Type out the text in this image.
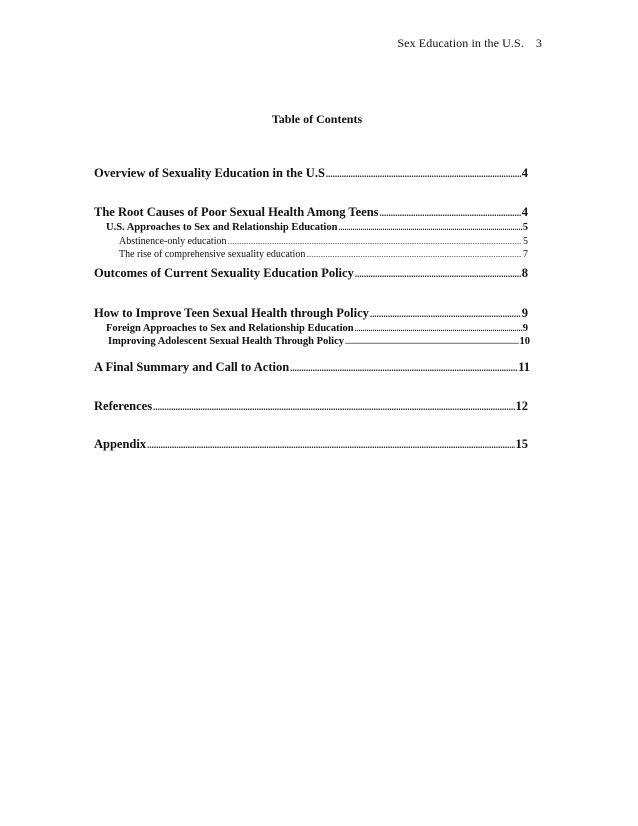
Sex Education in the U.S. 3
Table of Contents
Overview of Sexuality Education in the U.S .....	4
The Root Causes of Poor Sexual Health Among Teens .....	4
U.S. Approaches to Sex and Relationship Education .....	5
Abstinence-only education .....	5
The rise of comprehensive sexuality education .....	7
Outcomes of Current Sexuality Education Policy .....	8
How to Improve Teen Sexual Health through Policy .....	9
Foreign Approaches to Sex and Relationship Education .....	9
Improving Adolescent Sexual Health Through Policy .....	10
A Final Summary and Call to Action .....	11
References .....	12
Appendix .....	15
